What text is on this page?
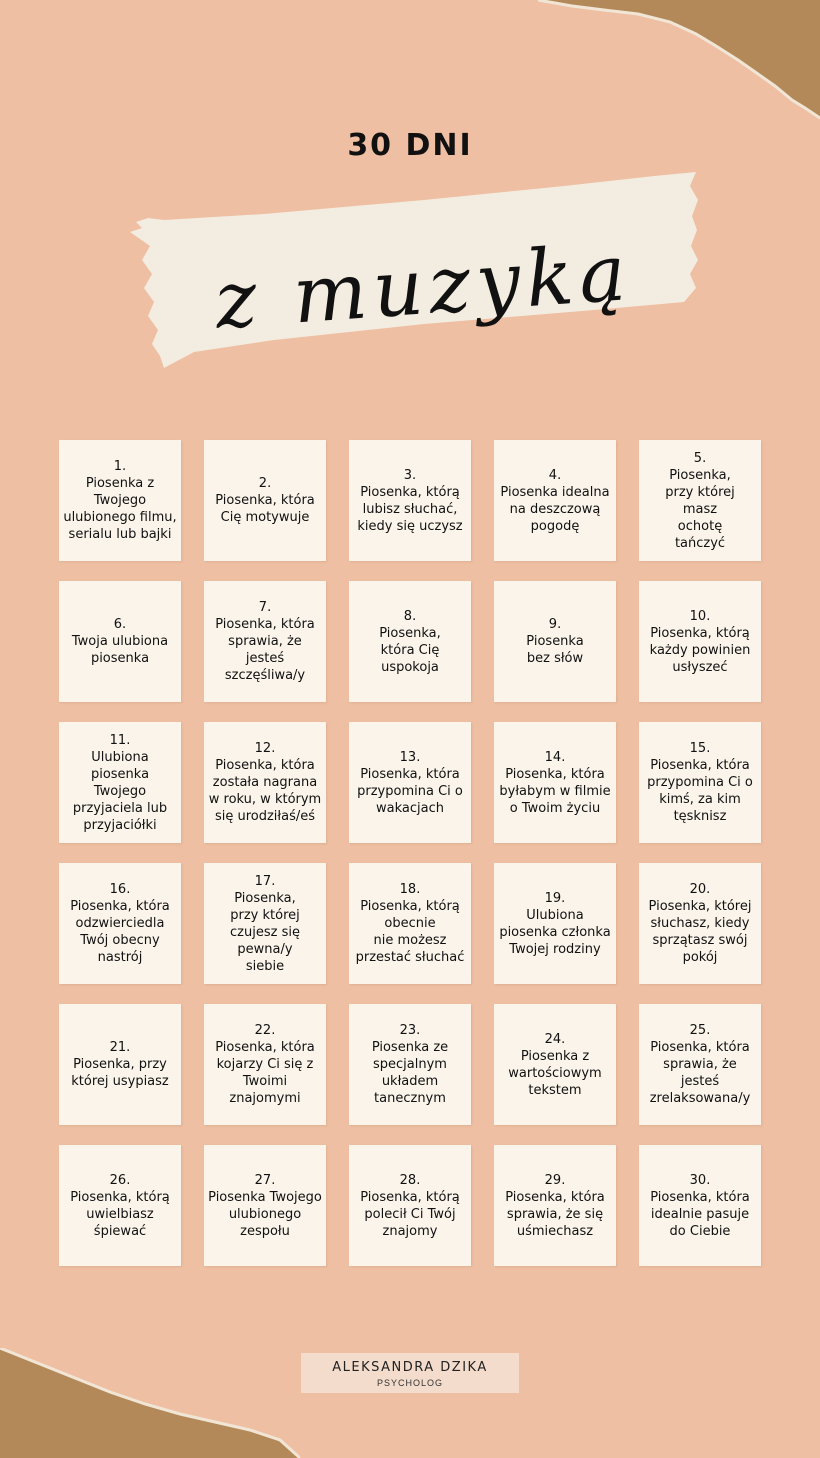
30 DNI
z muzyką
1.
Piosenka z
Twojego
ulubionego filmu,
serialu lub bajki
2.
Piosenka, która
Cię motywuje
3.
Piosenka, którą
lubisz słuchać,
kiedy się uczysz
4.
Piosenka idealna
na deszczową
pogodę
5.
Piosenka,
przy której
masz
ochotę
tańczyć
6.
Twoja ulubiona
piosenka
7.
Piosenka, która
sprawia, że jesteś
szczęśliwa/y
8.
Piosenka,
która Cię
uspokoja
9.
Piosenka
bez słów
10.
Piosenka, którą
każdy powinien
usłyszeć
11.
Ulubiona
piosenka Twojego
przyjaciela lub
przyjaciółki
12.
Piosenka, która
została nagrana
w roku, w którym
się urodziłaś/eś
13.
Piosenka, która
przypomina Ci o
wakacjach
14.
Piosenka, która
byłabym w filmie
o Twoim życiu
15.
Piosenka, która
przypomina Ci o
kimś, za kim
tęsknisz
16.
Piosenka, która
odzwierciedla
Twój obecny
nastrój
17.
Piosenka,
przy której
czujesz się
pewna/y
siebie
18.
Piosenka, którą
obecnie
nie możesz
przestać słuchać
19.
Ulubiona
piosenka członka
Twojej rodziny
20.
Piosenka, której
słuchasz, kiedy
sprzątasz swój
pokój
21.
Piosenka, przy
której usypiasz
22.
Piosenka, która
kojarzy Ci się z
Twoimi
znajomymi
23.
Piosenka ze
specjalnym
układem
tanecznym
24.
Piosenka z
wartościowym
tekstem
25.
Piosenka, która
sprawia, że jesteś
zrelaksowana/y
26.
Piosenka, którą
uwielbiasz
śpiewać
27.
Piosenka Twojego
ulubionego
zespołu
28.
Piosenka, którą
polecił Ci Twój
znajomy
29.
Piosenka, która
sprawia, że się
uśmiechasz
30.
Piosenka, która
idealnie pasuje
do Ciebie
ALEKSANDRA DZIKA
PSYCHOLOG
